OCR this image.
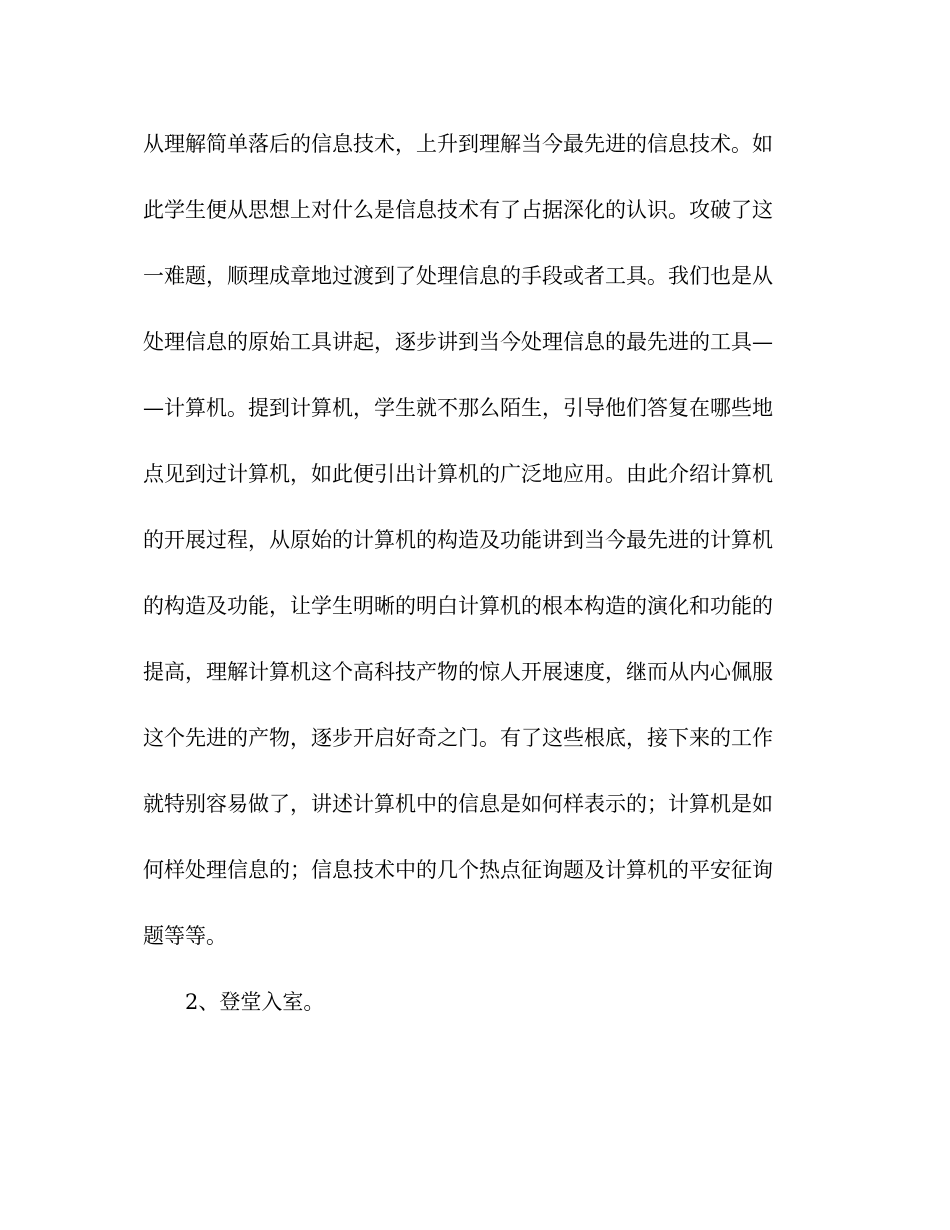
从理解简单落后的信息技术，上升到理解当今最先进的信息技术。如
此学生便从思想上对什么是信息技术有了占据深化的认识。攻破了这
一难题，顺理成章地过渡到了处理信息的手段或者工具。我们也是从
处理信息的原始工具讲起，逐步讲到当今处理信息的最先进的工具—
—计算机。提到计算机，学生就不那么陌生，引导他们答复在哪些地
点见到过计算机，如此便引出计算机的广泛地应用。由此介绍计算机
的开展过程，从原始的计算机的构造及功能讲到当今最先进的计算机
的构造及功能，让学生明晰的明白计算机的根本构造的演化和功能的
提高，理解计算机这个高科技产物的惊人开展速度，继而从内心佩服
这个先进的产物，逐步开启好奇之门。有了这些根底，接下来的工作
就特别容易做了，讲述计算机中的信息是如何样表示的；计算机是如
何样处理信息的；信息技术中的几个热点征询题及计算机的平安征询
题等等。
2、登堂入室。
